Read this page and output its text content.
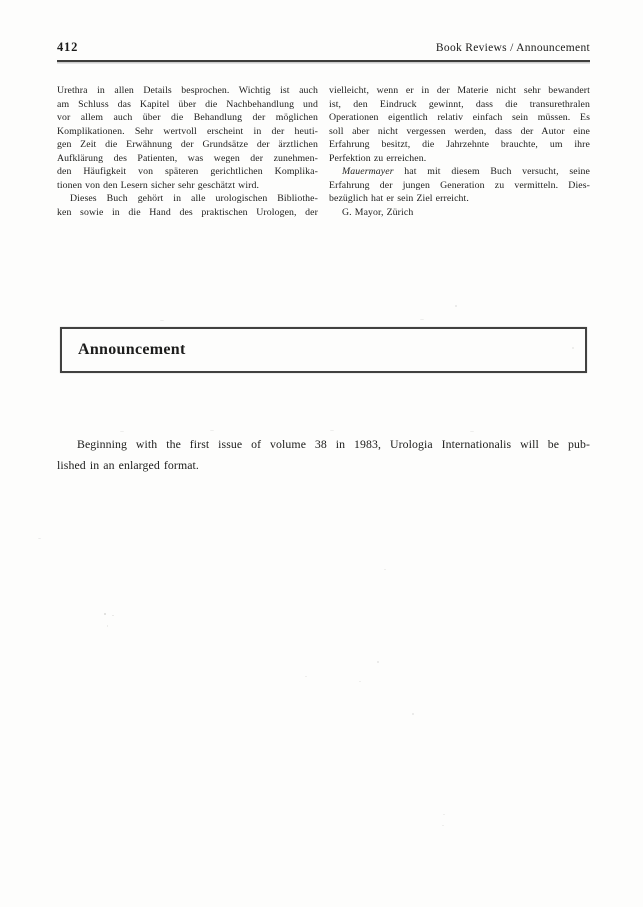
412	Book Reviews / Announcement
Urethra in allen Details besprochen. Wichtig ist auch
am Schluss das Kapitel über die Nachbehandlung und
vor allem auch über die Behandlung der möglichen
Komplikationen. Sehr wertvoll erscheint in der heuti-
gen Zeit die Erwähnung der Grundsätze der ärztlichen
Aufklärung des Patienten, was wegen der zunehmen-
den Häufigkeit von späteren gerichtlichen Komplika-
tionen von den Lesern sicher sehr geschätzt wird.
Dieses Buch gehört in alle urologischen Bibliothe-
ken sowie in die Hand des praktischen Urologen, der
vielleicht, wenn er in der Materie nicht sehr bewandert
ist, den Eindruck gewinnt, dass die transurethralen
Operationen eigentlich relativ einfach sein müssen. Es
soll aber nicht vergessen werden, dass der Autor eine
Erfahrung besitzt, die Jahrzehnte brauchte, um ihre
Perfektion zu erreichen.
Mauermayer hat mit diesem Buch versucht, seine
Erfahrung der jungen Generation zu vermitteln. Dies-
bezüglich hat er sein Ziel erreicht.
G. Mayor, Zürich
Announcement
Beginning with the first issue of volume 38 in 1983, Urologia Internationalis will be pub-
lished in an enlarged format.
